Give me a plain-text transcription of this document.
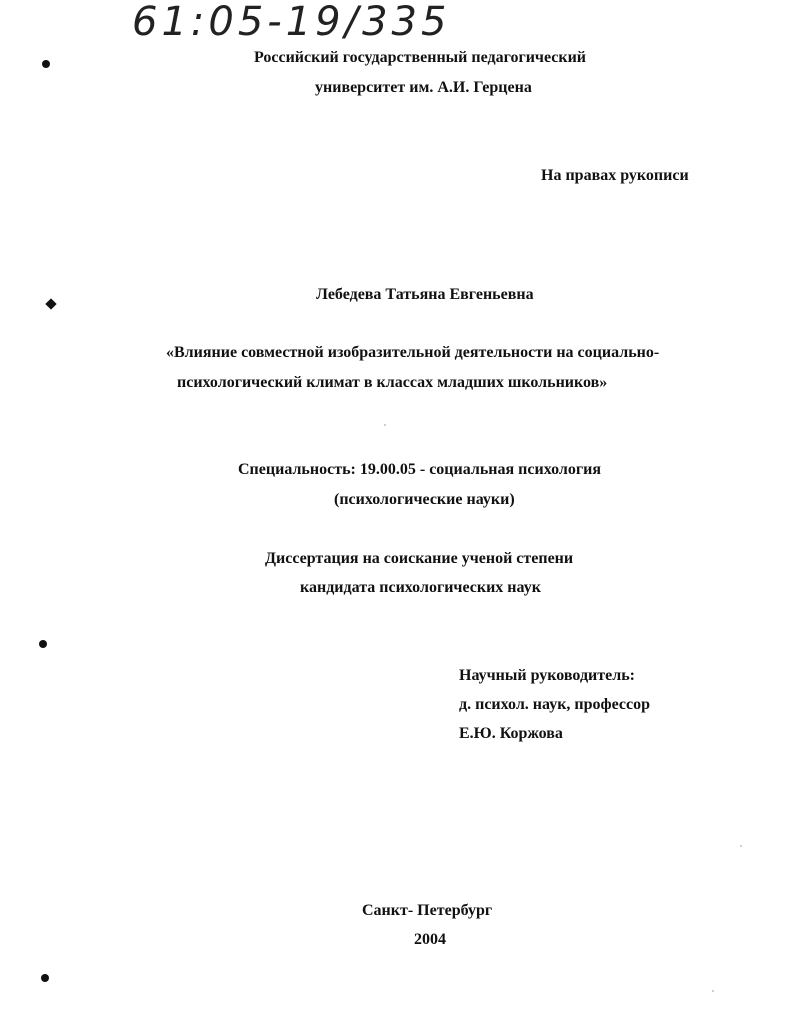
61:05-19/335
Российский государственный педагогический
университет им. А.И. Герцена
На правах рукописи
Лебедева Татьяна Евгеньевна
«Влияние совместной изобразительной деятельности на социально-
психологический климат в классах младших школьников»
Специальность: 19.00.05 - социальная психология
(психологические науки)
Диссертация на соискание ученой степени
кандидата психологических наук
Научный руководитель:
д. психол. наук, профессор
Е.Ю. Коржова
Санкт- Петербург
2004
